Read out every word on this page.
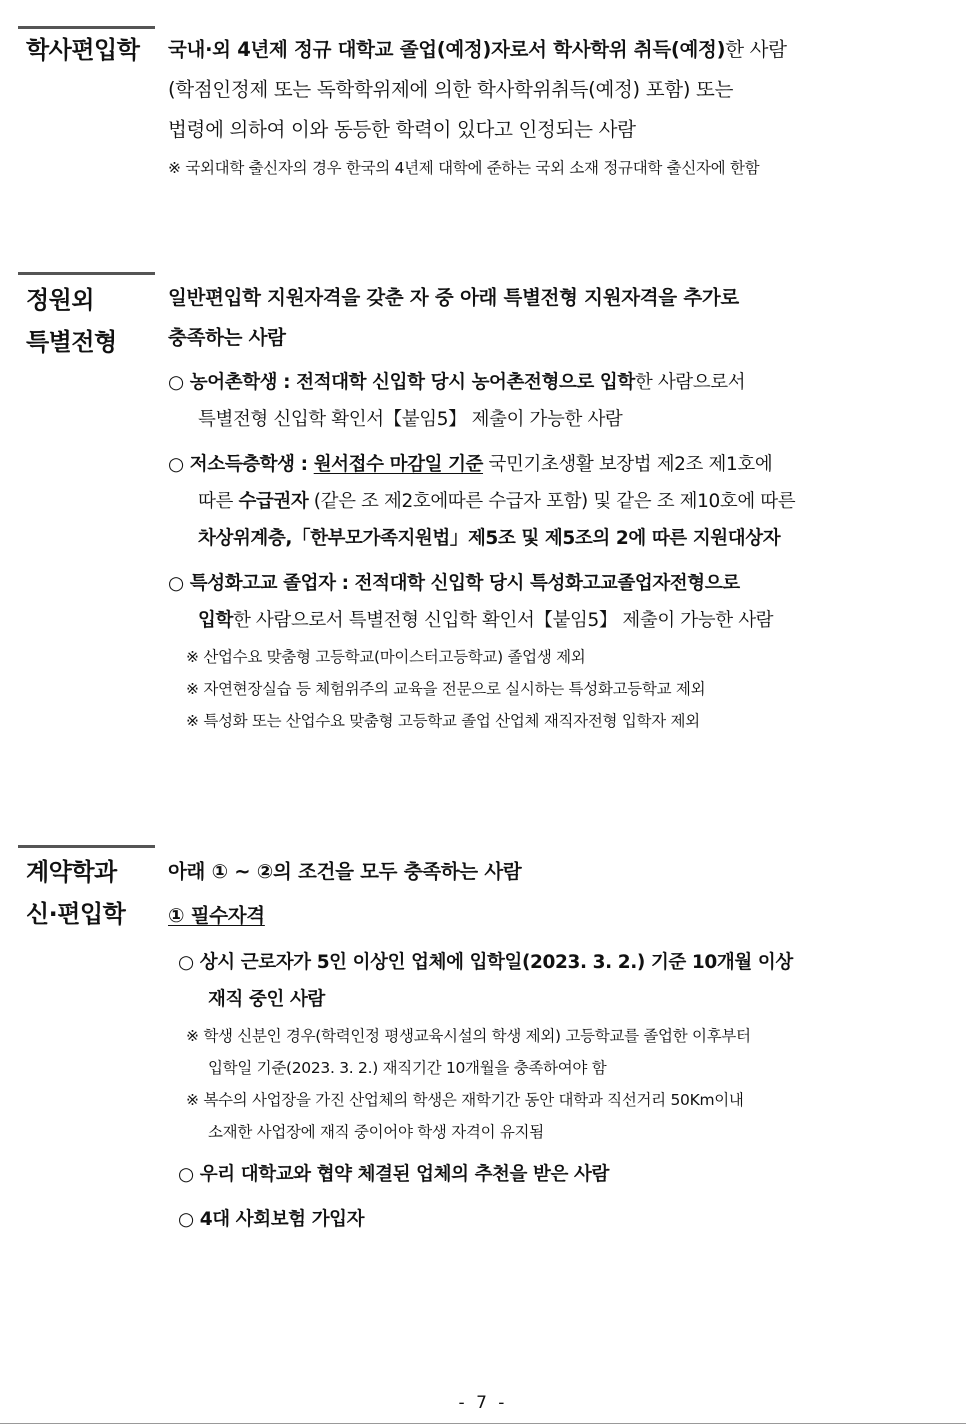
학사편입학 국내·외 4년제 정규 대학교 졸업(예정)자로서 학사학위 취득(예정)한 사람
(학점인정제 또는 독학학위제에 의한 학사학위취득(예정) 포함) 또는
법령에 의하여 이와 동등한 학력이 있다고 인정되는 사람
※ 국외대학 출신자의 경우 한국의 4년제 대학에 준하는 국외 소재 정규대학 출신자에 한함
정원외
특별전형
일반편입학 지원자격을 갖춘 자 중 아래 특별전형 지원자격을 추가로
충족하는 사람
○ 농어촌학생 : 전적대학 신입학 당시 농어촌전형으로 입학한 사람으로서
특별전형 신입학 확인서【붙임5】 제출이 가능한 사람
○ 저소득층학생 : 원서접수 마감일 기준 국민기초생활 보장법 제2조 제1호에
따른 수급권자 (같은 조 제2호에따른 수급자 포함) 및 같은 조 제10호에 따른
차상위계층,「한부모가족지원법」제5조 및 제5조의 2에 따른 지원대상자
○ 특성화고교 졸업자 : 전적대학 신입학 당시 특성화고교졸업자전형으로
입학한 사람으로서 특별전형 신입학 확인서【붙임5】 제출이 가능한 사람
※ 산업수요 맞춤형 고등학교(마이스터고등학교) 졸업생 제외
※ 자연현장실습 등 체험위주의 교육을 전문으로 실시하는 특성화고등학교 제외
※ 특성화 또는 산업수요 맞춤형 고등학교 졸업 산업체 재직자전형 입학자 제외
계약학과
신·편입학
아래 ① ~ ②의 조건을 모두 충족하는 사람
① 필수자격
○ 상시 근로자가 5인 이상인 업체에 입학일(2023. 3. 2.) 기준 10개월 이상
재직 중인 사람
※ 학생 신분인 경우(학력인정 평생교육시설의 학생 제외) 고등학교를 졸업한 이후부터
입학일 기준(2023. 3. 2.) 재직기간 10개월을 충족하여야 함
※ 복수의 사업장을 가진 산업체의 학생은 재학기간 동안 대학과 직선거리 50Km이내
소재한 사업장에 재직 중이어야 학생 자격이 유지됨
○ 우리 대학교와 협약 체결된 업체의 추천을 받은 사람
○ 4대 사회보험 가입자
- 7 -
